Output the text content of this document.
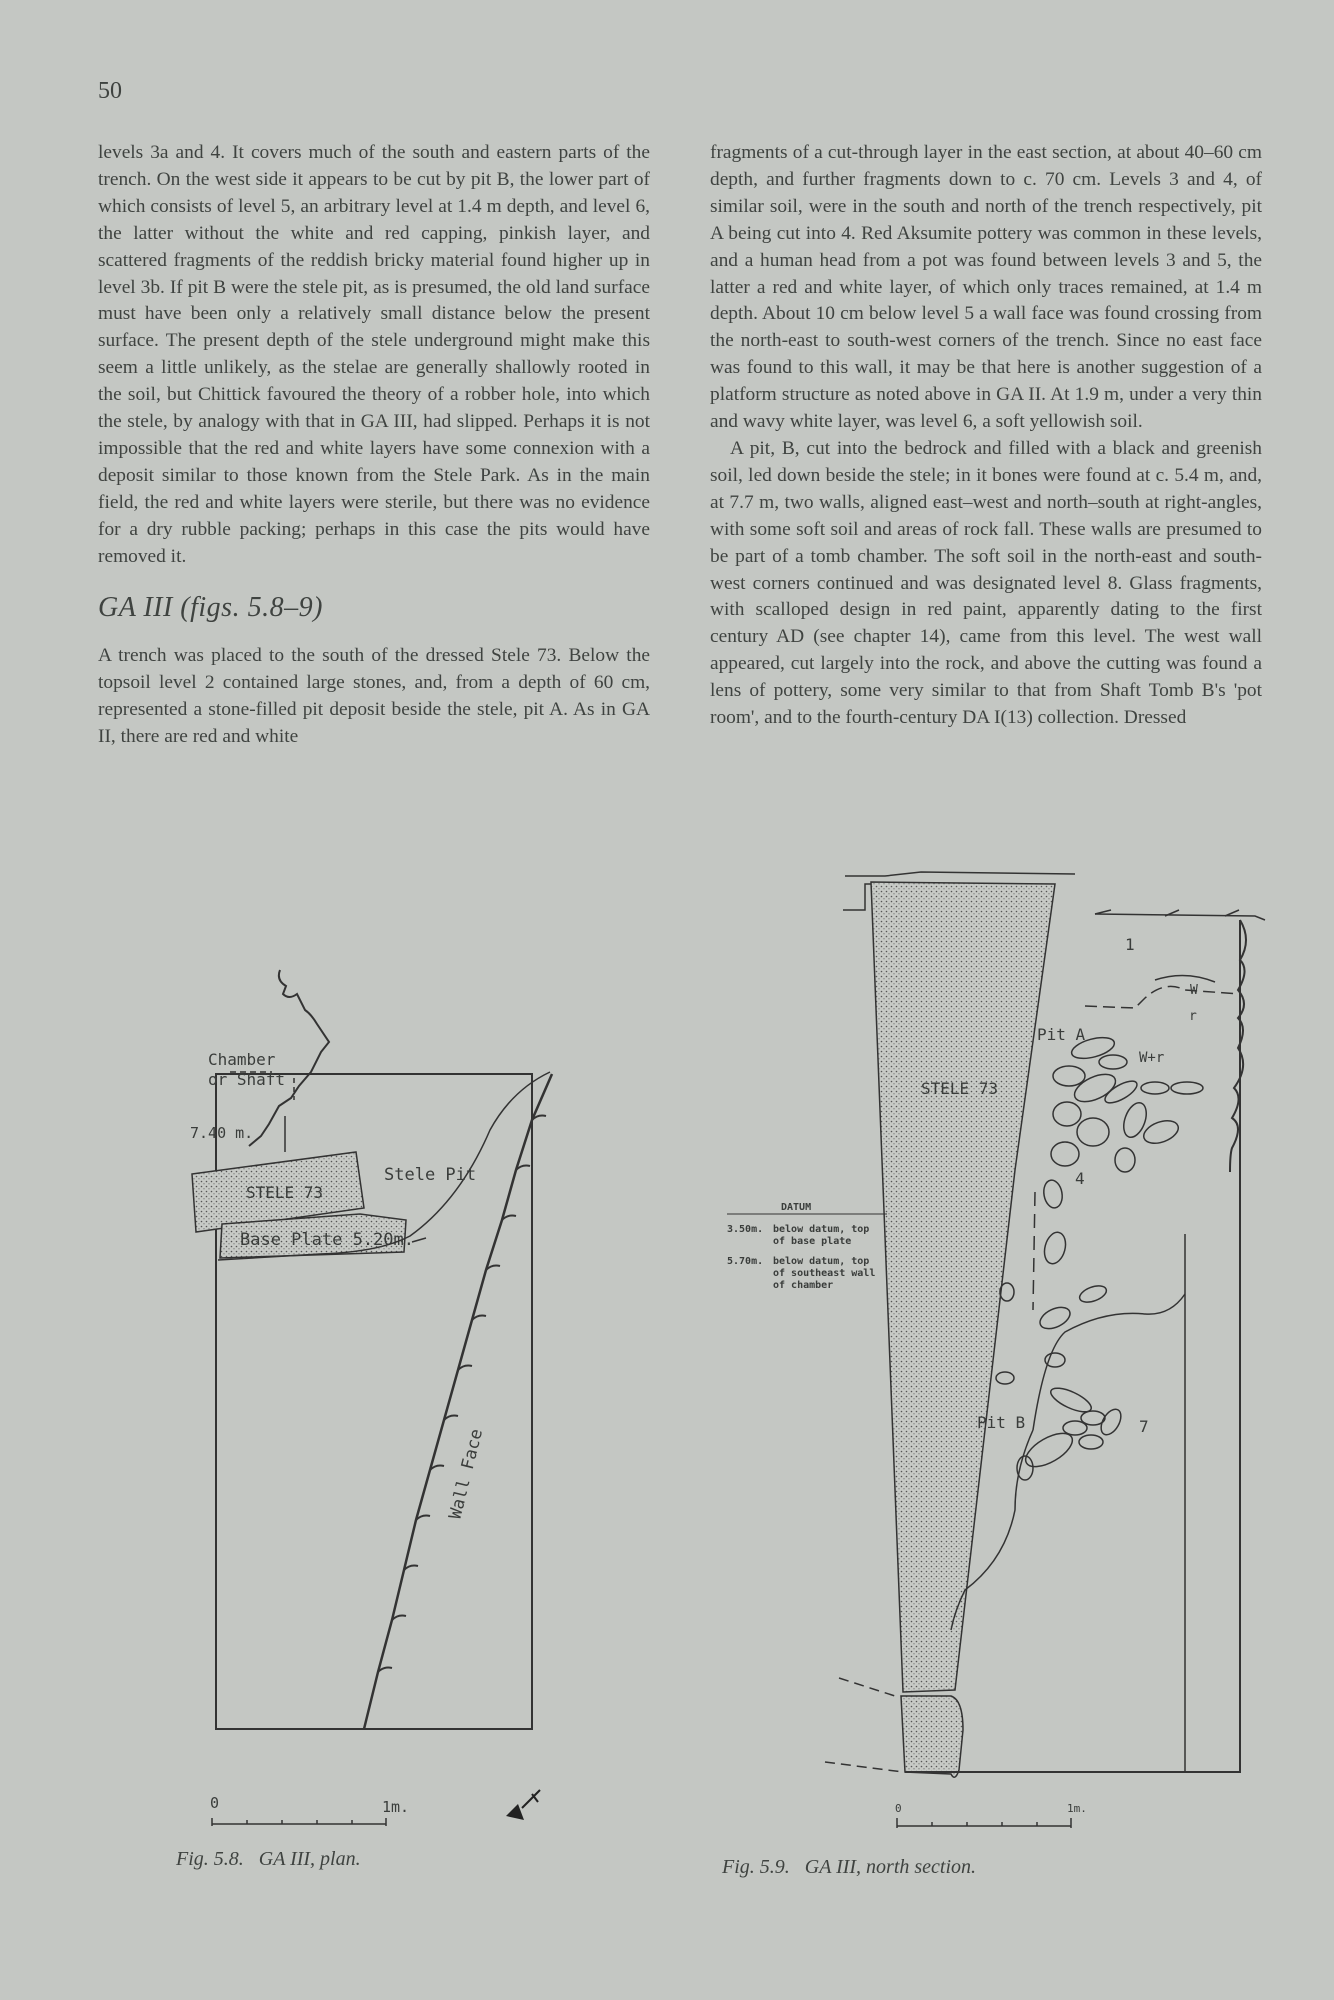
50

levels 3a and 4. It covers much of the south and eastern parts of the trench. On the west side it appears to be cut by pit B, the lower part of which consists of level 5, an arbitrary level at 1.4 m depth, and level 6, the latter without the white and red capping, pinkish layer, and scattered fragments of the reddish bricky material found higher up in level 3b. If pit B were the stele pit, as is presumed, the old land surface must have been only a relatively small distance below the present surface. The present depth of the stele underground might make this seem a little unlikely, as the stelae are generally shallowly rooted in the soil, but Chittick favoured the theory of a robber hole, into which the stele, by analogy with that in GA III, had slipped. Perhaps it is not impossible that the red and white layers have some connexion with a deposit similar to those known from the Stele Park. As in the main field, the red and white layers were sterile, but there was no evidence for a dry rubble packing; perhaps in this case the pits would have removed it.

GA III (figs. 5.8–9)

A trench was placed to the south of the dressed Stele 73. Below the topsoil level 2 contained large stones, and, from a depth of 60 cm, represented a stone-filled pit deposit beside the stele, pit A. As in GA II, there are red and white

fragments of a cut-through layer in the east section, at about 40–60 cm depth, and further fragments down to c. 70 cm. Levels 3 and 4, of similar soil, were in the south and north of the trench respectively, pit A being cut into 4. Red Aksumite pottery was common in these levels, and a human head from a pot was found between levels 3 and 5, the latter a red and white layer, of which only traces remained, at 1.4 m depth. About 10 cm below level 5 a wall face was found crossing from the north-east to south-west corners of the trench. Since no east face was found to this wall, it may be that here is another suggestion of a platform structure as noted above in GA II. At 1.9 m, under a very thin and wavy white layer, was level 6, a soft yellowish soil.

A pit, B, cut into the bedrock and filled with a black and greenish soil, led down beside the stele; in it bones were found at c. 5.4 m, and, at 7.7 m, two walls, aligned east–west and north–south at right-angles, with some soft soil and areas of rock fall. These walls are presumed to be part of a tomb chamber. The soft soil in the north-east and south-west corners continued and was designated level 8. Glass fragments, with scalloped design in red paint, apparently dating to the first century AD (see chapter 14), came from this level. The west wall appeared, cut largely into the rock, and above the cutting was found a lens of pottery, some very similar to that from Shaft Tomb B's 'pot room', and to the fourth-century DA I(13) collection. Dressed

Chamber
or Shaft
7.40 m.
STELE 73
Base Plate 5.20m.
Stele Pit
Wall Face
0	1m.
Fig. 5.8.   GA III, plan.
STELE 73
1
W
r
W+r
Pit A
4
Pit B	7
DATUM
3.50m. below datum, top
of base plate
5.70m. below datum, top
of southeast wall
of chamber
0	1m.
Fig. 5.9.   GA III, north section.
